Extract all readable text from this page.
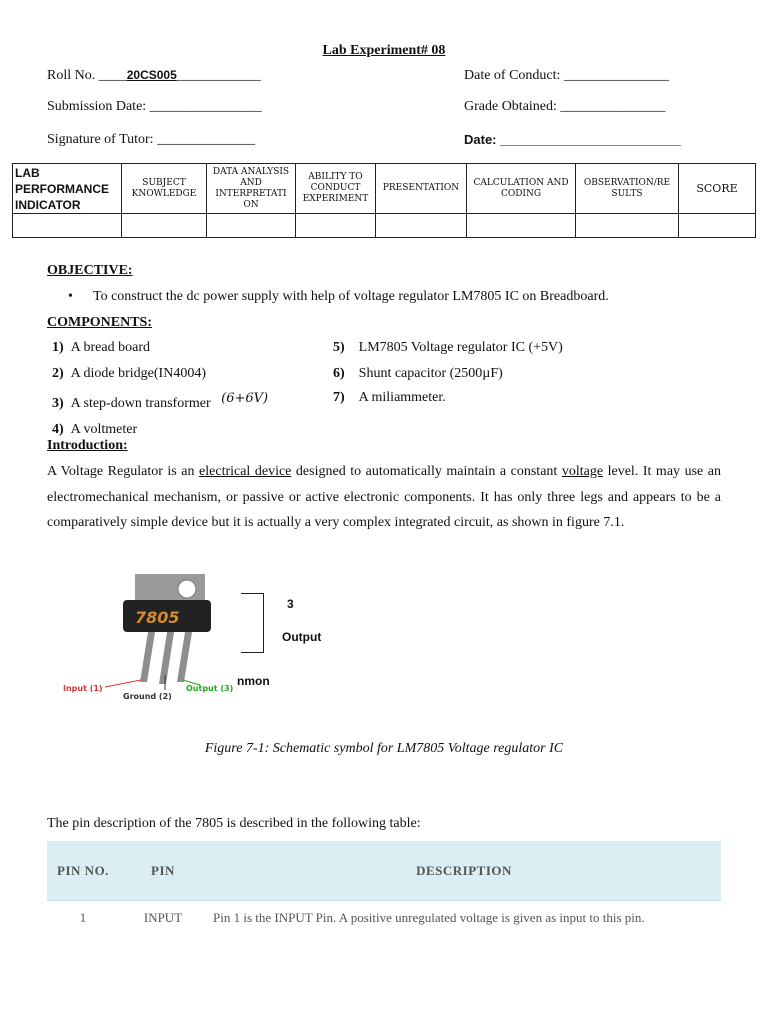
Lab Experiment# 08
Roll No. ____20CS005____________	Date of Conduct: _______________
Submission Date: ________________	Grade Obtained: _______________
Signature of Tutor: ______________	Date: _________________________
LAB PERFORMANCE INDICATOR	SUBJECT KNOWLEDGE	DATA ANALYSIS AND INTERPRETATI ON	ABILITY TO CONDUCT EXPERIMENT	PRESENTATION	CALCULATION AND CODING	OBSERVATION/RE SULTS	SCORE

OBJECTIVE:
• To construct the dc power supply with help of voltage regulator LM7805 IC on Breadboard.
COMPONENTS:
1) A bread board
2) A diode bridge(IN4004)
3) A step-down transformer (6+6V)
4) A voltmeter
5) LM7805 Voltage regulator IC (+5V)
6) Shunt capacitor (2500µF)
7) A miliammeter.
Introduction:
A Voltage Regulator is an electrical device designed to automatically maintain a constant voltage level. It may use an electromechanical mechanism, or passive or active electronic components. It has only three legs and appears to be a comparatively simple device but it is actually a very complex integrated circuit, as shown in figure 7.1.
7805
Input (1)
Ground (2)
Output (3)
3
Output
nmon
Figure 7-1: Schematic symbol for LM7805 Voltage regulator IC
The pin description of the 7805 is described in the following table:
PIN NO.	PIN	DESCRIPTION
1	INPUT	Pin 1 is the INPUT Pin. A positive unregulated voltage is given as input to this pin.
